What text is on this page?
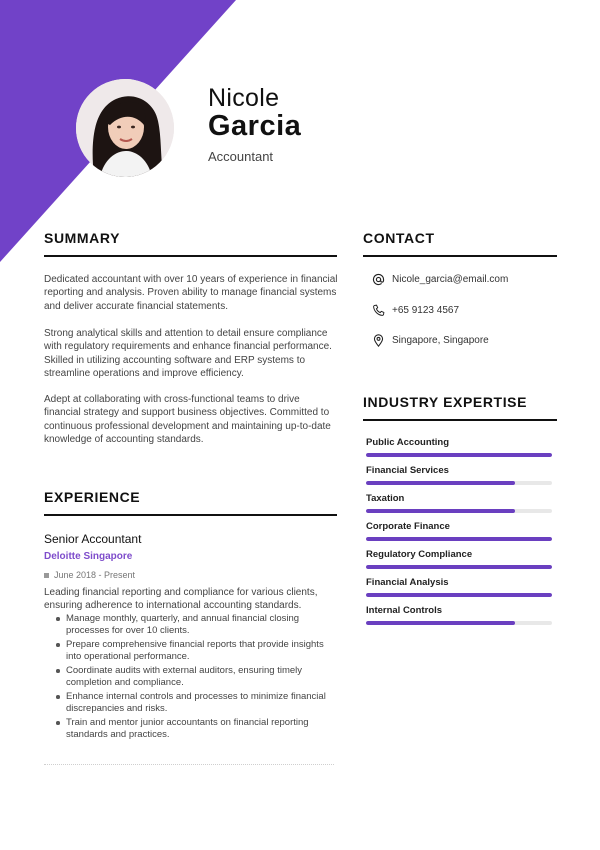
Nicole
Garcia
Accountant
SUMMARY

Dedicated accountant with over 10 years of experience in financial reporting and analysis. Proven ability to manage financial systems and deliver accurate financial statements.

Strong analytical skills and attention to detail ensure compliance with regulatory requirements and enhance financial performance. Skilled in utilizing accounting software and ERP systems to streamline operations and improve efficiency.

Adept at collaborating with cross-functional teams to drive financial strategy and support business objectives. Committed to continuous professional development and maintaining up-to-date knowledge of accounting standards.

CONTACT
Nicole_garcia@email.com
+65 9123 4567
Singapore, Singapore
INDUSTRY EXPERTISE
Public Accounting
Financial Services
Taxation
Corporate Finance
Regulatory Compliance
Financial Analysis
Internal Controls
EXPERIENCE
Senior Accountant
Deloitte Singapore
June 2018 - Present

Leading financial reporting and compliance for various clients, ensuring adherence to international accounting standards.

Manage monthly, quarterly, and annual financial closing processes for over 10 clients.
Prepare comprehensive financial reports that provide insights into operational performance.
Coordinate audits with external auditors, ensuring timely completion and compliance.
Enhance internal controls and processes to minimize financial discrepancies and risks.
Train and mentor junior accountants on financial reporting standards and practices.
